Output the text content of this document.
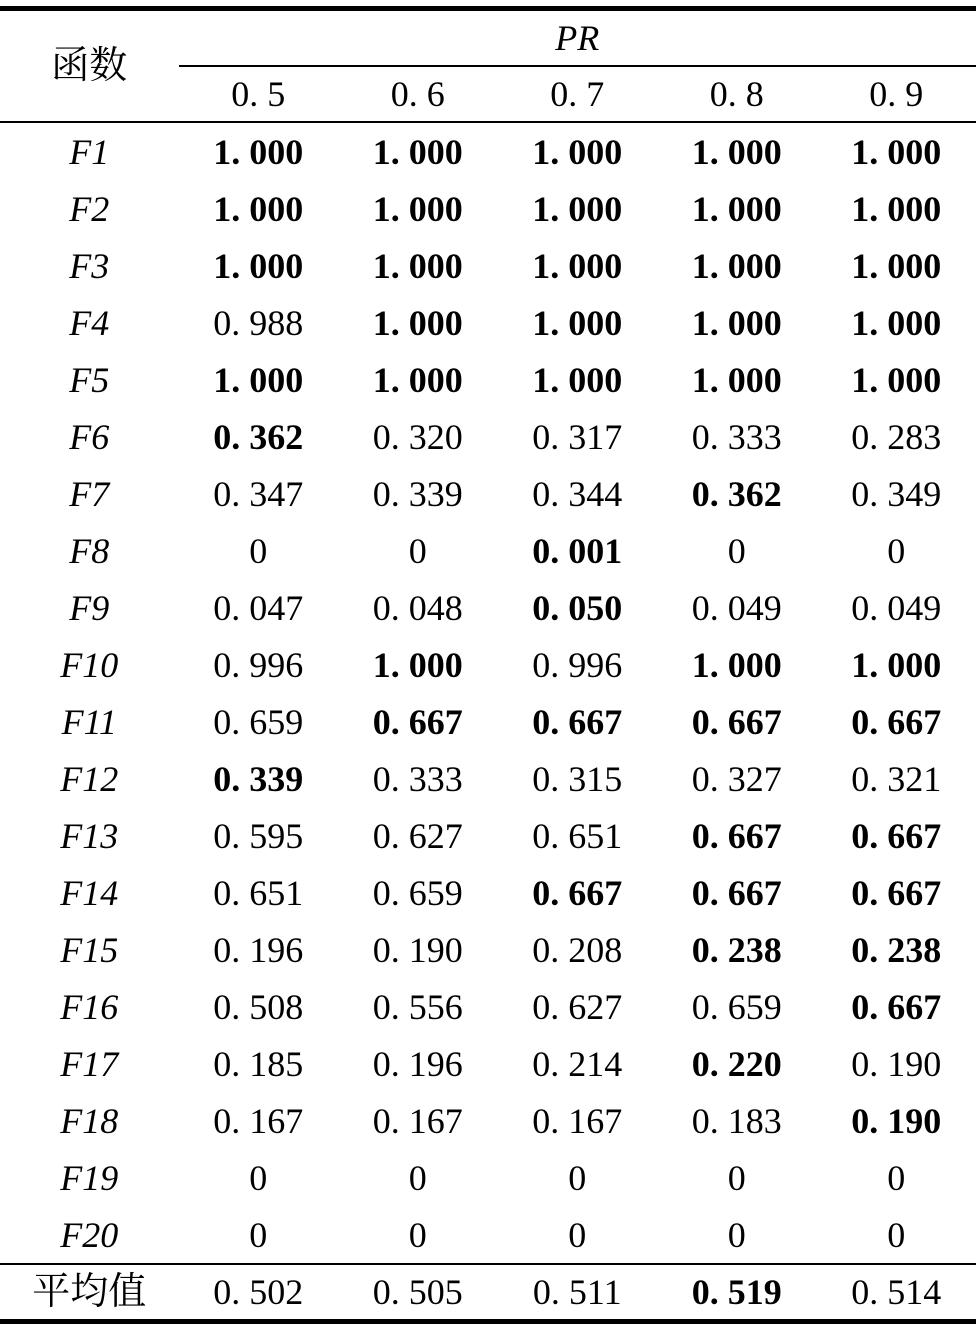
函数	PR				
	0. 5	0. 6	0. 7	0. 8	0. 9
F1	1. 000	1. 000	1. 000	1. 000	1. 000
F2	1. 000	1. 000	1. 000	1. 000	1. 000
F3	1. 000	1. 000	1. 000	1. 000	1. 000
F4	0. 988	1. 000	1. 000	1. 000	1. 000
F5	1. 000	1. 000	1. 000	1. 000	1. 000
F6	0. 362	0. 320	0. 317	0. 333	0. 283
F7	0. 347	0. 339	0. 344	0. 362	0. 349
F8	0	0	0. 001	0	0
F9	0. 047	0. 048	0. 050	0. 049	0. 049
F10	0. 996	1. 000	0. 996	1. 000	1. 000
F11	0. 659	0. 667	0. 667	0. 667	0. 667
F12	0. 339	0. 333	0. 315	0. 327	0. 321
F13	0. 595	0. 627	0. 651	0. 667	0. 667
F14	0. 651	0. 659	0. 667	0. 667	0. 667
F15	0. 196	0. 190	0. 208	0. 238	0. 238
F16	0. 508	0. 556	0. 627	0. 659	0. 667
F17	0. 185	0. 196	0. 214	0. 220	0. 190
F18	0. 167	0. 167	0. 167	0. 183	0. 190
F19	0	0	0	0	0
F20	0	0	0	0	0
平均值	0. 502	0. 505	0. 511	0. 519	0. 514
